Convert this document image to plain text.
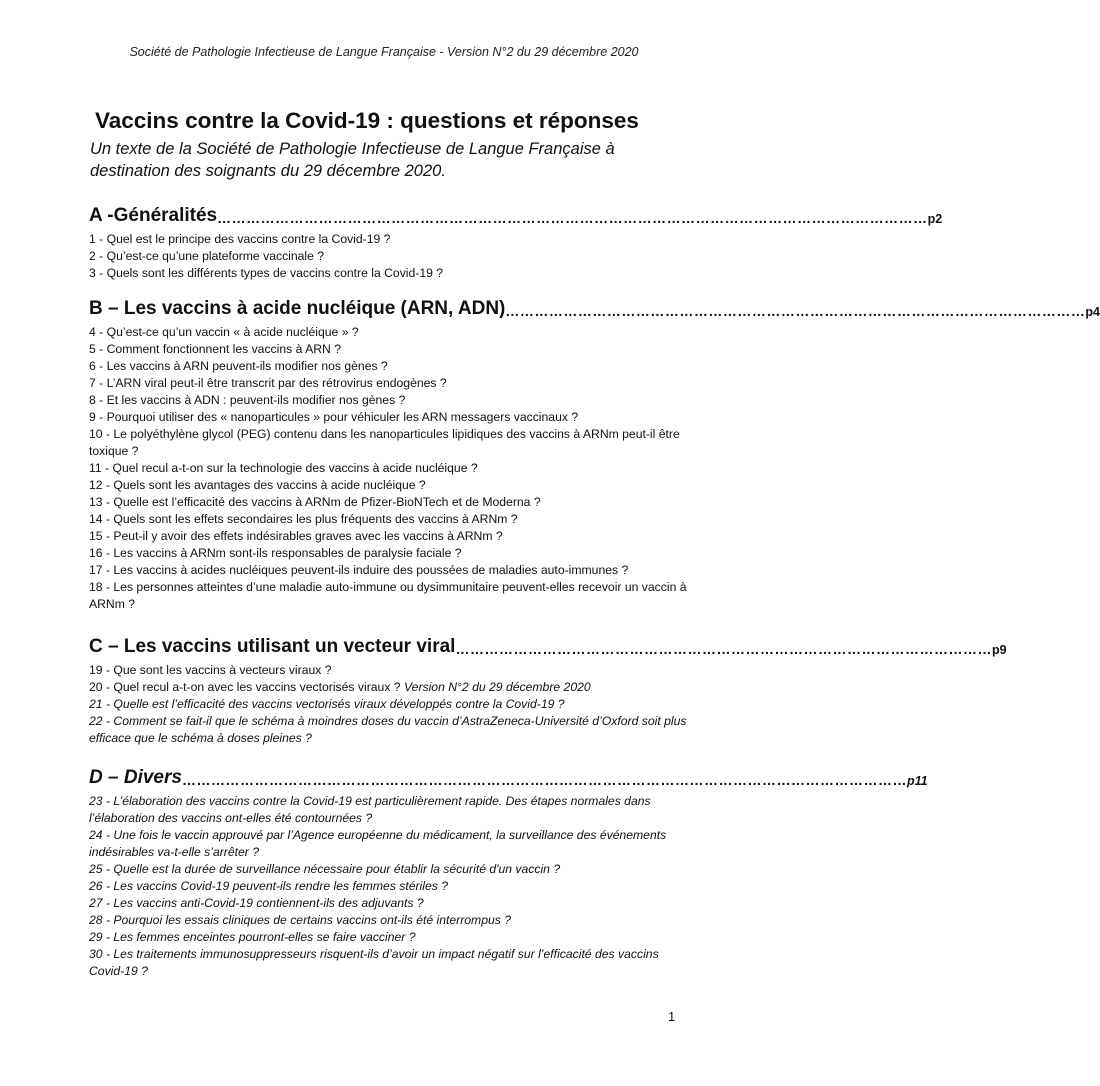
Société de Pathologie Infectieuse de Langue Française - Version N°2 du 29 décembre 2020
Vaccins contre la Covid-19 : questions et réponses
Un texte de la Société de Pathologie Infectieuse de Langue Française à destination des soignants du 29 décembre 2020.
A -Généralités ………………………………………………………………………………………………………………………………… p2
1 - Quel est le principe des vaccins contre la Covid-19 ?
2 - Qu’est-ce qu’une plateforme vaccinale ?
3 - Quels sont les différents types de vaccins contre la Covid-19 ?
B – Les vaccins à acide nucléique (ARN, ADN) ………………………………………………………………………………………………………… p4
4 - Qu’est-ce qu’un vaccin « à acide nucléique » ?
5 - Comment fonctionnent les vaccins à ARN ?
6 - Les vaccins à ARN peuvent-ils modifier nos gènes ?
7 - L’ARN viral peut-il être transcrit par des rétrovirus endogènes ?
8 - Et les vaccins à ADN : peuvent-ils modifier nos gènes ?
9 - Pourquoi utiliser des « nanoparticules » pour véhiculer les ARN messagers vaccinaux ?
10 - Le polyéthylène glycol (PEG) contenu dans les nanoparticules lipidiques des vaccins à ARNm peut-il être toxique ?
11 - Quel recul a-t-on sur la technologie des vaccins à acide nucléique ?
12 - Quels sont les avantages des vaccins à acide nucléique ?
13 - Quelle est l’efficacité des vaccins à ARNm de Pfizer-BioNTech et de Moderna ?
14 - Quels sont les effets secondaires les plus fréquents des vaccins à ARNm ?
15 - Peut-il y avoir des effets indésirables graves avec les vaccins à ARNm ?
16 - Les vaccins à ARNm sont-ils responsables de paralysie faciale ?
17 - Les vaccins à acides nucléiques peuvent-ils induire des poussées de maladies auto-immunes ?
18 - Les personnes atteintes d’une maladie auto-immune ou dysimmunitaire peuvent-elles recevoir un vaccin à ARNm ?
C – Les vaccins utilisant un vecteur viral ………………………………………………………………………………………………… p9
19 - Que sont les vaccins à vecteurs viraux ?
20 - Quel recul a-t-on avec les vaccins vectorisés viraux ? Version N°2 du 29 décembre 2020
21 - Quelle est l’efficacité des vaccins vectorisés viraux développés contre la Covid-19 ?
22 - Comment se fait-il que le schéma à moindres doses du vaccin d’AstraZeneca-Université d’Oxford soit plus efficace que le schéma à doses pleines ?
D – Divers …………………………………………………………………………………………………………………………………… p11
23 - L’élaboration des vaccins contre la Covid-19 est particulièrement rapide. Des étapes normales dans l’élaboration des vaccins ont-elles été contournées ?
24 - Une fois le vaccin approuvé par l’Agence européenne du médicament, la surveillance des événements indésirables va-t-elle s’arrêter ?
25 - Quelle est la durée de surveillance nécessaire pour établir la sécurité d'un vaccin ?
26 - Les vaccins Covid-19 peuvent-ils rendre les femmes stériles ?
27 - Les vaccins anti-Covid-19 contiennent-ils des adjuvants ?
28 - Pourquoi les essais cliniques de certains vaccins ont-ils été interrompus ?
29 - Les femmes enceintes pourront-elles se faire vacciner ?
30 - Les traitements immunosuppresseurs risquent-ils d’avoir un impact négatif sur l’efficacité des vaccins Covid-19 ?
1
